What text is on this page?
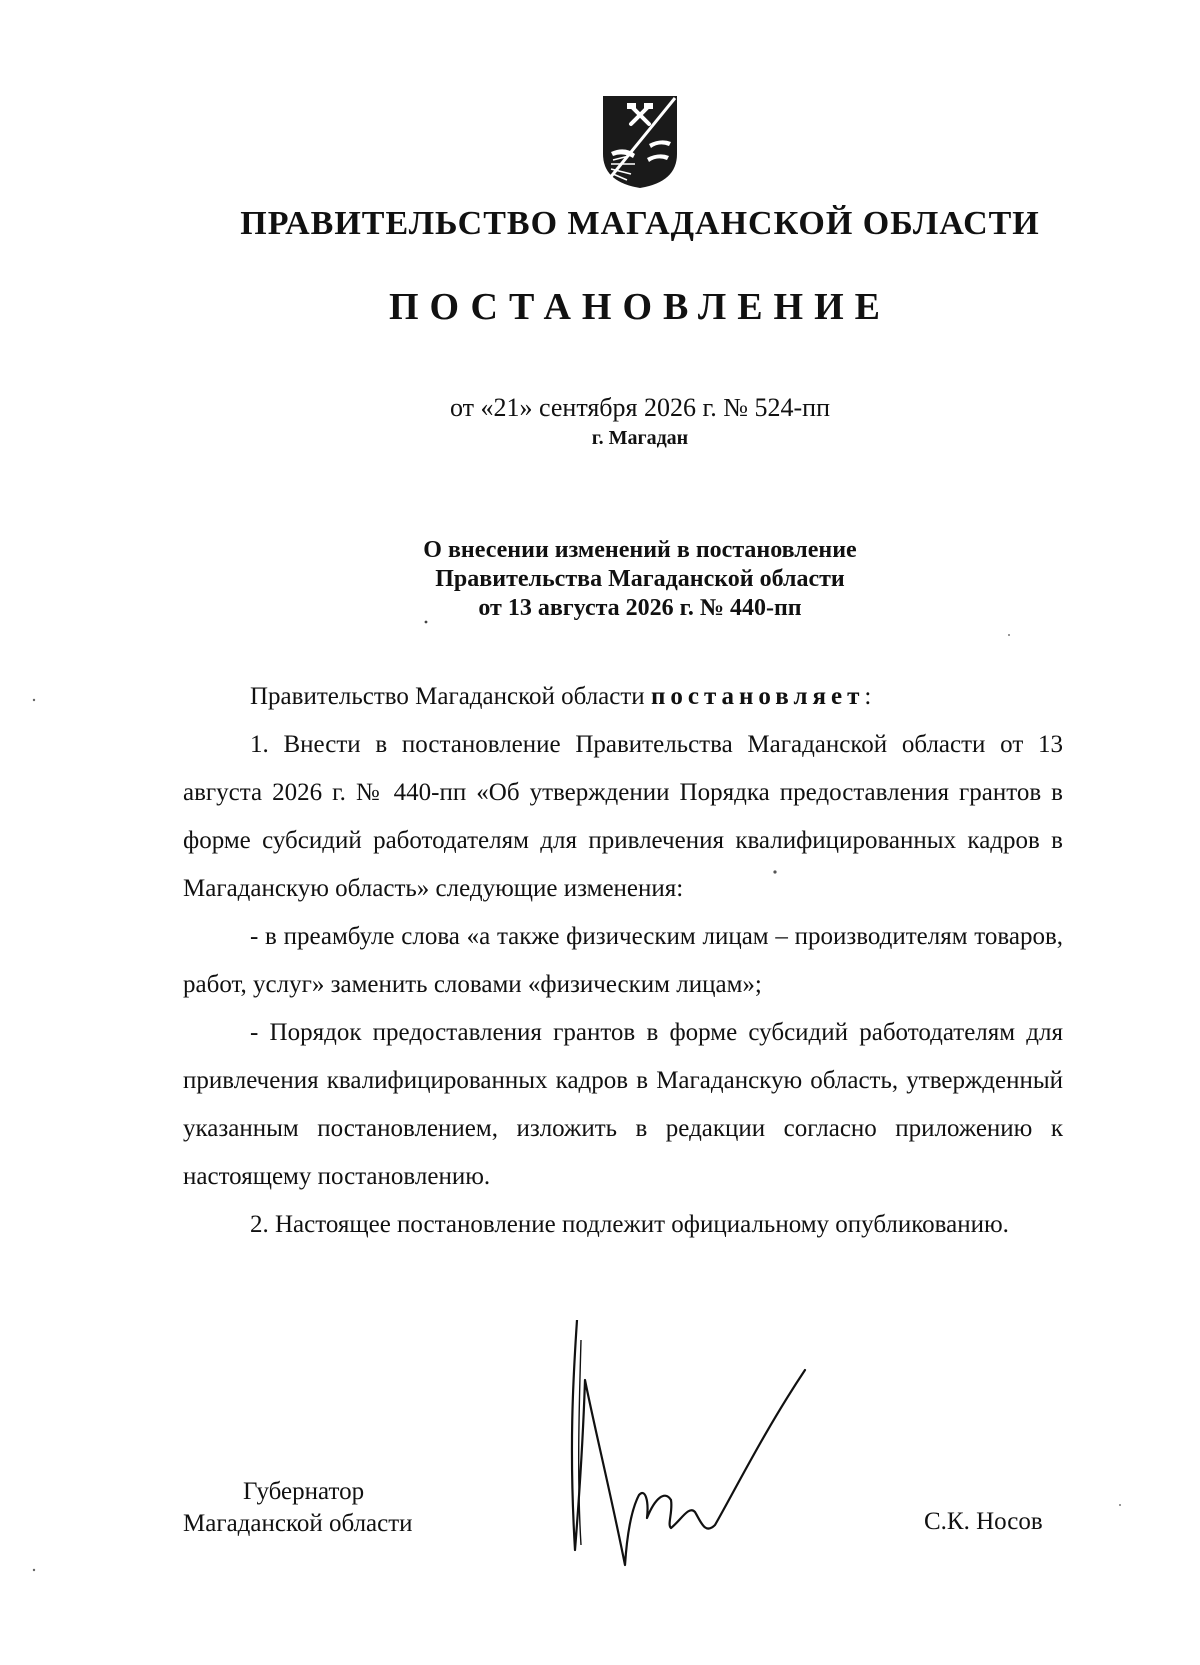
ПРАВИТЕЛЬСТВО МАГАДАНСКОЙ ОБЛАСТИ
ПОСТАНОВЛЕНИЕ
от «21» сентября 2026 г. № 524-пп
г. Магадан
О внесении изменений в постановление
Правительства Магаданской области
от 13 августа 2026 г. № 440-пп

Правительство Магаданской области постановляет:

1. Внести в постановление Правительства Магаданской области от 13 августа 2026 г. № 440-пп «Об утверждении Порядка предоставления грантов в форме субсидий работодателям для привлечения квалифицированных кадров в Магаданскую область» следующие изменения:

- в преамбуле слова «а также физическим лицам – производителям товаров, работ, услуг» заменить словами «физическим лицам»;

- Порядок предоставления грантов в форме субсидий работодателям для привлечения квалифицированных кадров в Магаданскую область, утвержденный указанным постановлением, изложить в редакции согласно приложению к настоящему постановлению.

2. Настоящее постановление подлежит официальному опубликованию.

Губернатор
Магаданской области	С.К. Носов
